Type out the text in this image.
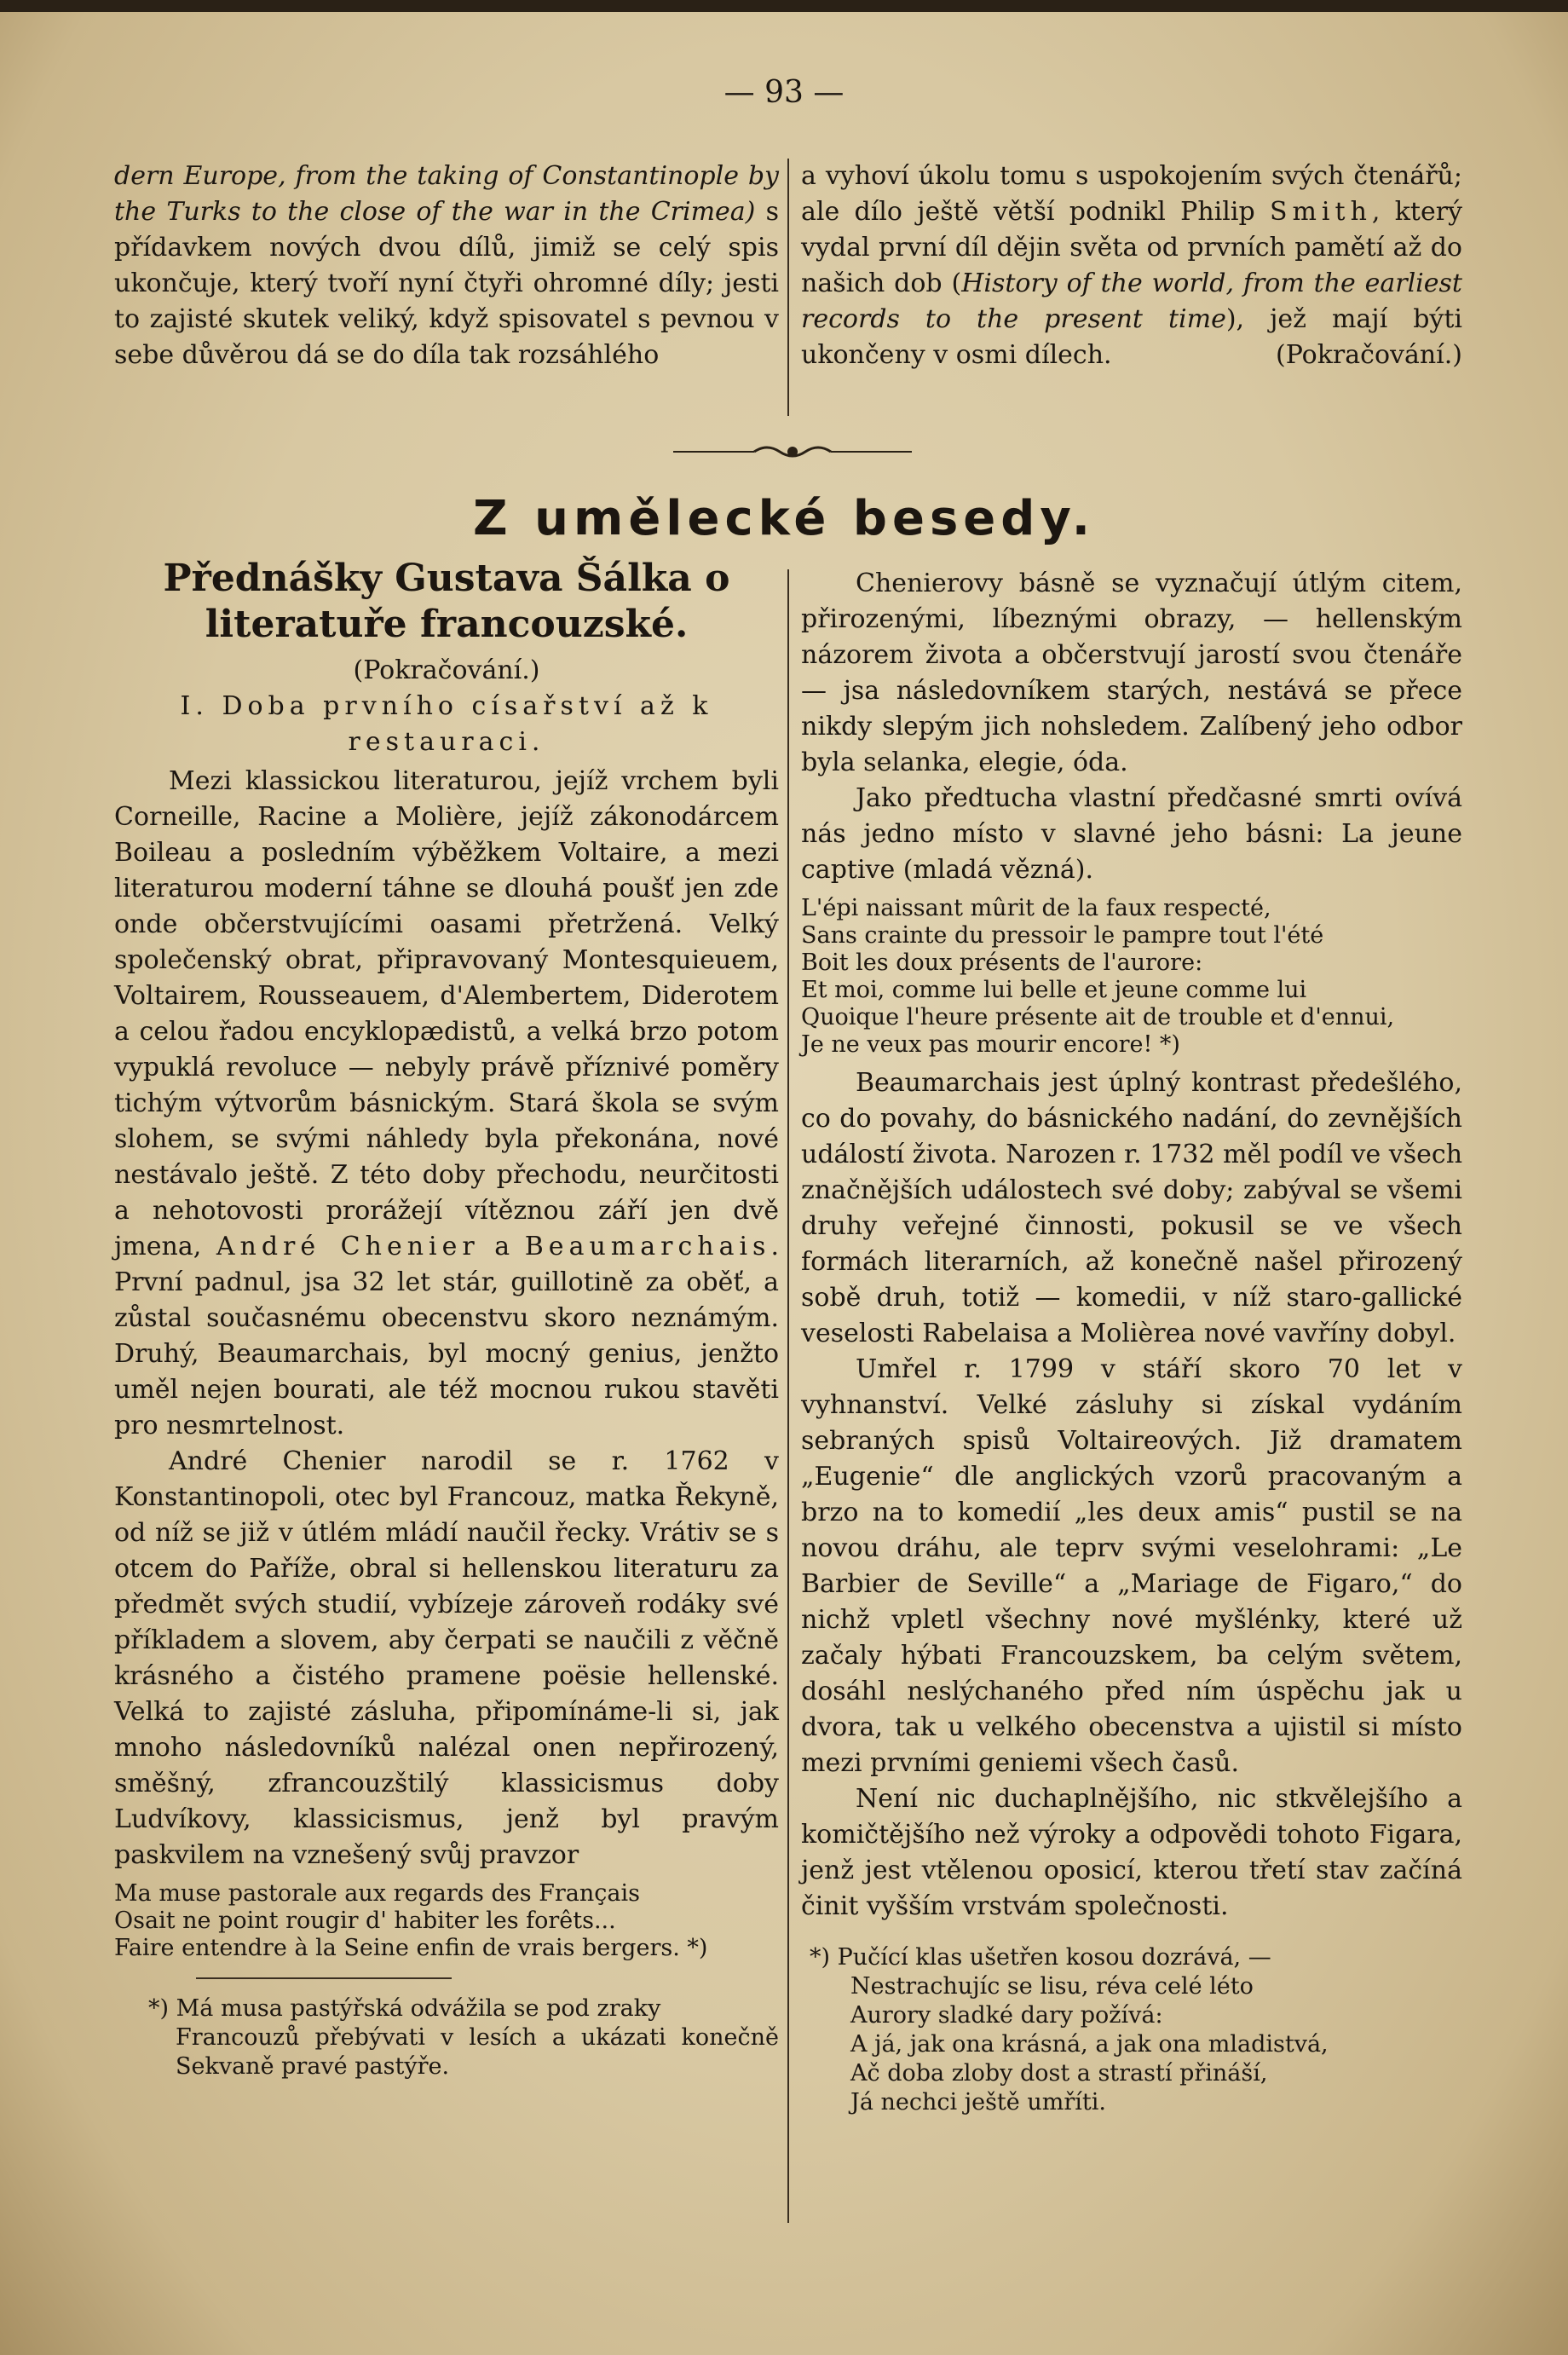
— 93 —

dern Europe, from the taking of Constantinople by the Turks to the close of the war in the Crimea) s přídavkem nových dvou dílů, jimiž se celý spis ukončuje, který tvoří nyní čtyři ohromné díly; jesti to zajisté skutek veliký, když spisovatel s pevnou v sebe důvěrou dá se do díla tak rozsáhlého

a vyhoví úkolu tomu s uspokojením svých čtenářů; ale dílo ještě větší podnikl Philip Smith, který vydal první díl dějin světa od prvních pamětí až do našich dob (History of the world, from the earliest records to the present time), jež mají býti ukončeny v osmi dílech.	(Pokračování.)

Z umělecké besedy.
Přednášky Gustava Šálka o literatuře francouzské.

(Pokračování.)

I. Doba prvního císařství až k restauraci.

Mezi klassickou literaturou, jejíž vrchem byli Corneille, Racine a Molière, jejíž zákonodárcem Boileau a posledním výběžkem Voltaire, a mezi literaturou moderní táhne se dlouhá poušť jen zde onde občerstvujícími oasami přetržená. Velký společenský obrat, připravovaný Montesquieuem, Voltairem, Rousseauem, d'Alembertem, Diderotem a celou řadou encyklopædistů, a velká brzo potom vypuklá revoluce — nebyly právě příznivé poměry tichým výtvorům básnickým. Stará škola se svým slohem, se svými náhledy byla překonána, nové nestávalo ještě. Z této doby přechodu, neurčitosti a nehotovosti prorážejí vítěznou září jen dvě jmena, André Chenier a Beaumarchais. První padnul, jsa 32 let stár, guillotině za oběť, a zůstal současnému obecenstvu skoro neznámým. Druhý, Beaumarchais, byl mocný genius, jenžto uměl nejen bourati, ale též mocnou rukou stavěti pro nesmrtelnost.

André Chenier narodil se r. 1762 v Konstantinopoli, otec byl Francouz, matka Řekyně, od níž se již v útlém mládí naučil řecky. Vrátiv se s otcem do Paříže, obral si hellenskou literaturu za předmět svých studií, vybízeje zároveň rodáky své příkladem a slovem, aby čerpati se naučili z věčně krásného a čistého pramene poësie hellenské. Velká to zajisté zásluha, připomínáme-li si, jak mnoho následovníků nalézal onen nepřirozený, směšný, zfrancouzštilý klassicismus doby Ludvíkovy, klassicismus, jenž byl pravým paskvilem na vznešený svůj pravzor

Ma muse pastorale aux regards des Français
Osait ne point rougir d' habiter les forêts...
Faire entendre à la Seine enfin de vrais bergers. *)
*) Má musa pastýřská odvážila se pod zraky
Francouzů přebývati v lesích a ukázati konečně Sekvaně pravé pastýře.

Chenierovy básně se vyznačují útlým citem, přirozenými, líbeznými obrazy, — hellenským názorem života a občerstvují jarostí svou čtenáře — jsa následovníkem starých, nestává se přece nikdy slepým jich nohsledem. Zalíbený jeho odbor byla selanka, elegie, óda.

Jako předtucha vlastní předčasné smrti ovívá nás jedno místo v slavné jeho básni: La jeune captive (mladá vězná).

L'épi naissant mûrit de la faux respecté,
Sans crainte du pressoir le pampre tout l'été
Boit les doux présents de l'aurore:
Et moi, comme lui belle et jeune comme lui
Quoique l'heure présente ait de trouble et d'ennui,
Je ne veux pas mourir encore! *)

Beaumarchais jest úplný kontrast předešlého, co do povahy, do básnického nadání, do zevnějších událostí života. Narozen r. 1732 měl podíl ve všech značnějších událostech své doby; zabýval se všemi druhy veřejné činnosti, pokusil se ve všech formách literarních, až konečně našel přirozený sobě druh, totiž — komedii, v níž staro-gallické veselosti Rabelaisa a Molièrea nové vavříny dobyl.

Umřel r. 1799 v stáří skoro 70 let v vyhnanství. Velké zásluhy si získal vydáním sebraných spisů Voltaireových. Již dramatem „Eugenie“ dle anglických vzorů pracovaným a brzo na to komedií „les deux amis“ pustil se na novou dráhu, ale teprv svými veselohrami: „Le Barbier de Seville“ a „Mariage de Figaro,“ do nichž vpletl všechny nové myšlénky, které už začaly hýbati Francouzskem, ba celým světem, dosáhl neslýchaného před ním úspěchu jak u dvora, tak u velkého obecenstva a ujistil si místo mezi prvními geniemi všech časů.

Není nic duchaplnějšího, nic stkvělejšího a komičtějšího než výroky a odpovědi tohoto Figara, jenž jest vtělenou oposicí, kterou třetí stav začíná činit vyšším vrstvám společnosti.

*) Pučící klas ušetřen kosou dozrává, —
Nestrachujíc se lisu, réva celé léto
Aurory sladké dary požívá:
A já, jak ona krásná, a jak ona mladistvá,
Ač doba zloby dost a strastí přináší,
Já nechci ještě umříti.
